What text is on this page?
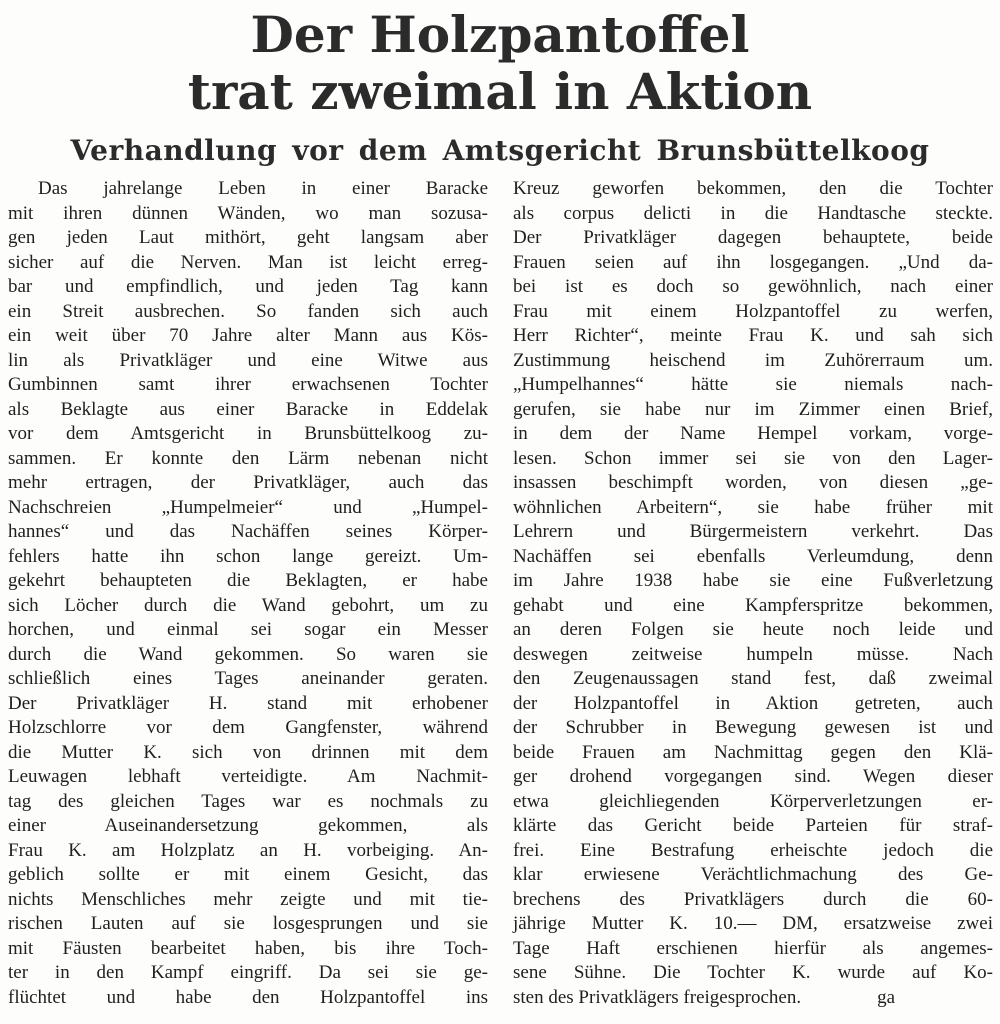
Der Holzpantoffel
trat zweimal in Aktion
Verhandlung vor dem Amtsgericht Brunsbüttelkoog
Das jahrelange Leben in einer Baracke
mit ihren dünnen Wänden, wo man sozusa-
gen jeden Laut mithört, geht langsam aber
sicher auf die Nerven. Man ist leicht erreg-
bar und empfindlich, und jeden Tag kann
ein Streit ausbrechen. So fanden sich auch
ein weit über 70 Jahre alter Mann aus Kös-
lin als Privatkläger und eine Witwe aus
Gumbinnen samt ihrer erwachsenen Tochter
als Beklagte aus einer Baracke in Eddelak
vor dem Amtsgericht in Brunsbüttelkoog zu-
sammen. Er konnte den Lärm nebenan nicht
mehr ertragen, der Privatkläger, auch das
Nachschreien „Humpelmeier“ und „Humpel-
hannes“ und das Nachäffen seines Körper-
fehlers hatte ihn schon lange gereizt. Um-
gekehrt behaupteten die Beklagten, er habe
sich Löcher durch die Wand gebohrt, um zu
horchen, und einmal sei sogar ein Messer
durch die Wand gekommen. So waren sie
schließlich eines Tages aneinander geraten.
Der Privatkläger H. stand mit erhobener
Holzschlorre vor dem Gangfenster, während
die Mutter K. sich von drinnen mit dem
Leuwagen lebhaft verteidigte. Am Nachmit-
tag des gleichen Tages war es nochmals zu
einer Auseinandersetzung gekommen, als
Frau K. am Holzplatz an H. vorbeiging. An-
geblich sollte er mit einem Gesicht, das
nichts Menschliches mehr zeigte und mit tie-
rischen Lauten auf sie losgesprungen und sie
mit Fäusten bearbeitet haben, bis ihre Toch-
ter in den Kampf eingriff. Da sei sie ge-
flüchtet und habe den Holzpantoffel ins
Kreuz geworfen bekommen, den die Tochter
als corpus delicti in die Handtasche steckte.
Der Privatkläger dagegen behauptete, beide
Frauen seien auf ihn losgegangen. „Und da-
bei ist es doch so gewöhnlich, nach einer
Frau mit einem Holzpantoffel zu werfen,
Herr Richter“, meinte Frau K. und sah sich
Zustimmung heischend im Zuhörerraum um.
„Humpelhannes“ hätte sie niemals nach-
gerufen, sie habe nur im Zimmer einen Brief,
in dem der Name Hempel vorkam, vorge-
lesen. Schon immer sei sie von den Lager-
insassen beschimpft worden, von diesen „ge-
wöhnlichen Arbeitern“, sie habe früher mit
Lehrern und Bürgermeistern verkehrt. Das
Nachäffen sei ebenfalls Verleumdung, denn
im Jahre 1938 habe sie eine Fußverletzung
gehabt und eine Kampferspritze bekommen,
an deren Folgen sie heute noch leide und
deswegen zeitweise humpeln müsse. Nach
den Zeugenaussagen stand fest, daß zweimal
der Holzpantoffel in Aktion getreten, auch
der Schrubber in Bewegung gewesen ist und
beide Frauen am Nachmittag gegen den Klä-
ger drohend vorgegangen sind. Wegen dieser
etwa gleichliegenden Körperverletzungen er-
klärte das Gericht beide Parteien für straf-
frei. Eine Bestrafung erheischte jedoch die
klar erwiesene Verächtlichmachung des Ge-
brechens des Privatklägers durch die 60-
jährige Mutter K. 10.— DM, ersatzweise zwei
Tage Haft erschienen hierfür als angemes-
sene Sühne. Die Tochter K. wurde auf Ko-
sten des Privatklägers freigesprochen.    ga
